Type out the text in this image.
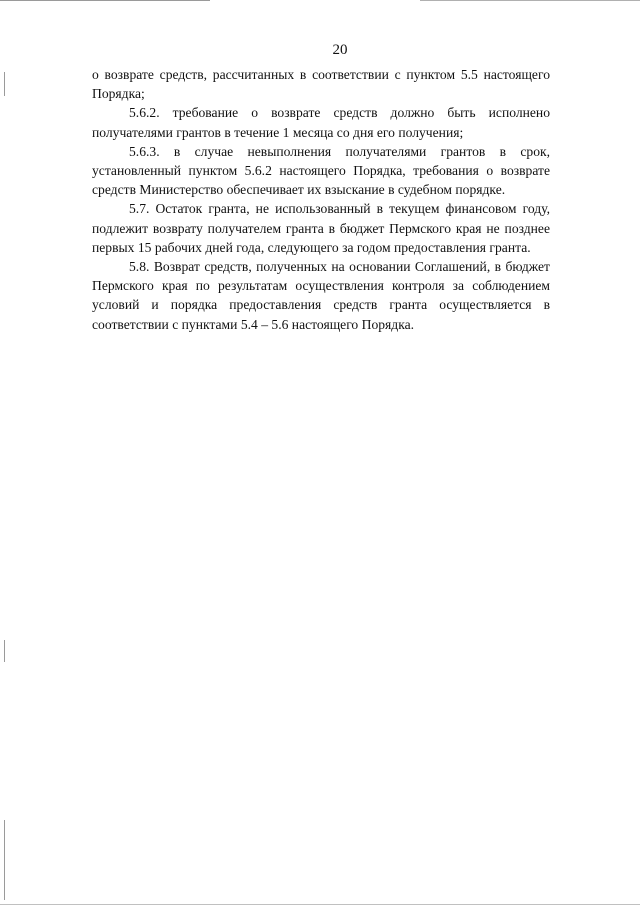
20

о возврате средств, рассчитанных в соответствии с пунктом 5.5 настоящего Порядка;

5.6.2. требование о возврате средств должно быть исполнено получателями грантов в течение 1 месяца со дня его получения;

5.6.3. в случае невыполнения получателями грантов в срок, установленный пунктом 5.6.2 настоящего Порядка, требования о возврате средств Министерство обеспечивает их взыскание в судебном порядке.

5.7. Остаток гранта, не использованный в текущем финансовом году, подлежит возврату получателем гранта в бюджет Пермского края не позднее первых 15 рабочих дней года, следующего за годом предоставления гранта.

5.8. Возврат средств, полученных на основании Соглашений, в бюджет Пермского края по результатам осуществления контроля за соблюдением условий и порядка предоставления средств гранта осуществляется в соответствии с пунктами 5.4 – 5.6 настоящего Порядка.
